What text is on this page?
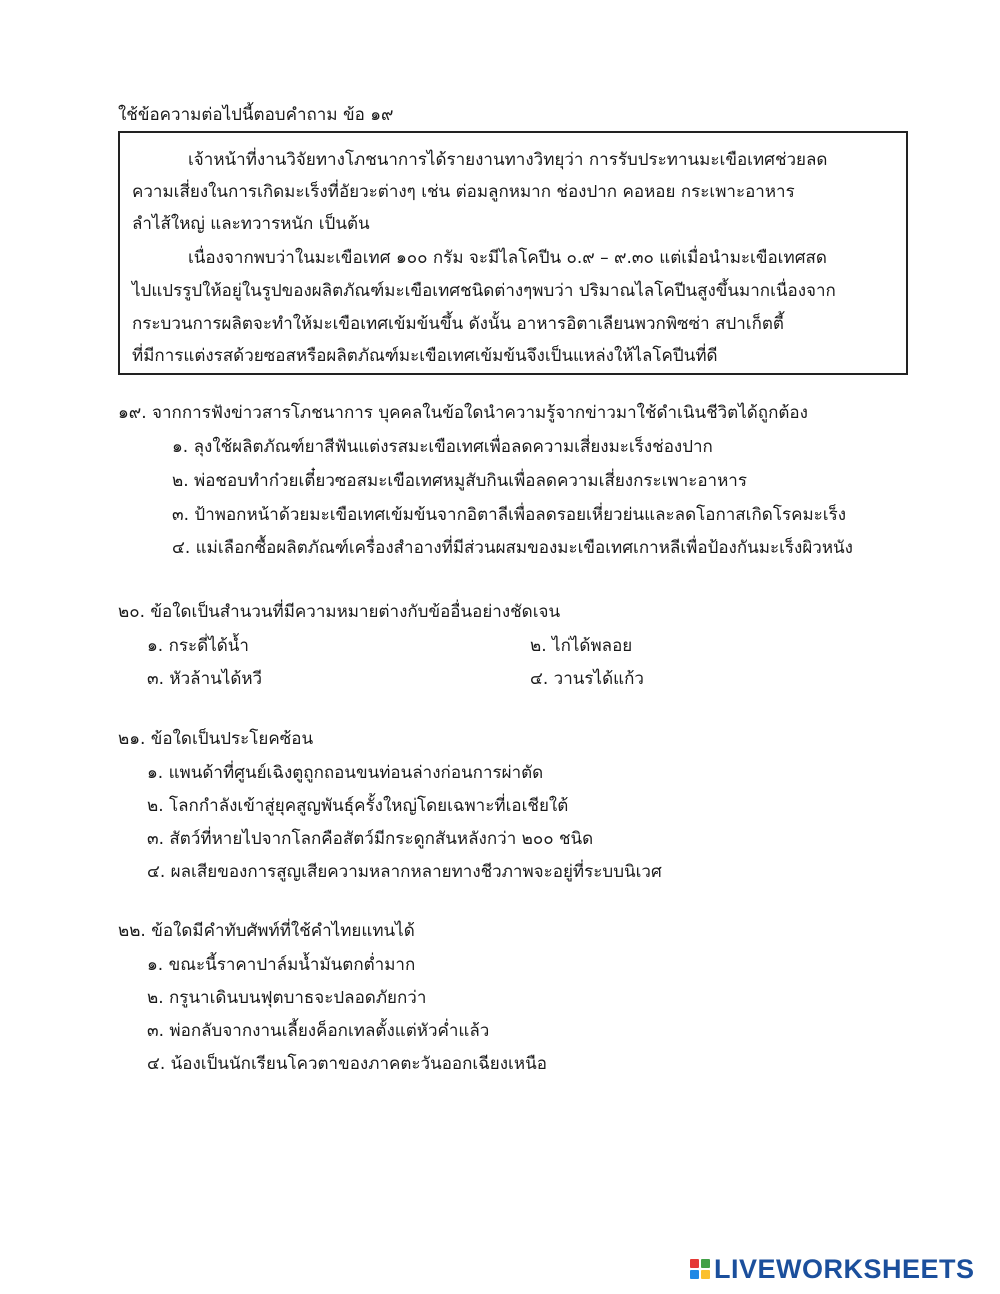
ใช้ข้อความต่อไปนี้ตอบคำถาม ข้อ ๑๙
เจ้าหน้าที่งานวิจัยทางโภชนาการได้รายงานทางวิทยุว่า การรับประทานมะเขือเทศช่วยลด
ความเสี่ยงในการเกิดมะเร็งที่อัยวะต่างๆ เช่น ต่อมลูกหมาก ช่องปาก คอหอย กระเพาะอาหาร
ลำไส้ใหญ่ และทวารหนัก เป็นต้น
เนื่องจากพบว่าในมะเขือเทศ ๑๐๐ กรัม จะมีไลโคปีน ๐.๙ – ๙.๓๐ แต่เมื่อนำมะเขือเทศสด
ไปแปรรูปให้อยู่ในรูปของผลิตภัณฑ์มะเขือเทศชนิดต่างๆพบว่า ปริมาณไลโคปีนสูงขึ้นมากเนื่องจาก
กระบวนการผลิตจะทำให้มะเขือเทศเข้มข้นขึ้น ดังนั้น อาหารอิตาเลียนพวกพิซซ่า สปาเก็ตตี้
ที่มีการแต่งรสด้วยซอสหรือผลิตภัณฑ์มะเขือเทศเข้มข้นจึงเป็นแหล่งให้ไลโคปีนที่ดี
๑๙. จากการฟังข่าวสารโภชนาการ บุคคลในข้อใดนำความรู้จากข่าวมาใช้ดำเนินชีวิตได้ถูกต้อง
๑. ลุงใช้ผลิตภัณฑ์ยาสีฟันแต่งรสมะเขือเทศเพื่อลดความเสี่ยงมะเร็งช่องปาก
๒. พ่อชอบทำก๋วยเตี๋ยวซอสมะเขือเทศหมูสับกินเพื่อลดความเสี่ยงกระเพาะอาหาร
๓. ป้าพอกหน้าด้วยมะเขือเทศเข้มข้นจากอิตาลีเพื่อลดรอยเหี่ยวย่นและลดโอกาสเกิดโรคมะเร็ง
๔. แม่เลือกซื้อผลิตภัณฑ์เครื่องสำอางที่มีส่วนผสมของมะเขือเทศเกาหลีเพื่อป้องกันมะเร็งผิวหนัง
๒๐. ข้อใดเป็นสำนวนที่มีความหมายต่างกับข้ออื่นอย่างชัดเจน
๑. กระดี่ได้น้ำ	๒. ไก่ได้พลอย
๓. หัวล้านได้หวี	๔. วานรได้แก้ว
๒๑. ข้อใดเป็นประโยคซ้อน
๑. แพนด้าที่ศูนย์เฉิงตูถูกถอนขนท่อนล่างก่อนการผ่าตัด
๒. โลกกำลังเข้าสู่ยุคสูญพันธุ์ครั้งใหญ่โดยเฉพาะที่เอเชียใต้
๓. สัตว์ที่หายไปจากโลกคือสัตว์มีกระดูกสันหลังกว่า ๒๐๐ ชนิด
๔. ผลเสียของการสูญเสียความหลากหลายทางชีวภาพจะอยู่ที่ระบบนิเวศ
๒๒. ข้อใดมีคำทับศัพท์ที่ใช้คำไทยแทนได้
๑. ขณะนี้ราคาปาล์มน้ำมันตกต่ำมาก
๒. กรูนาเดินบนฟุตบาธจะปลอดภัยกว่า
๓. พ่อกลับจากงานเลี้ยงค็อกเทลตั้งแต่หัวค่ำแล้ว
๔. น้องเป็นนักเรียนโควตาของภาคตะวันออกเฉียงเหนือ
LIVEWORKSHEETS
